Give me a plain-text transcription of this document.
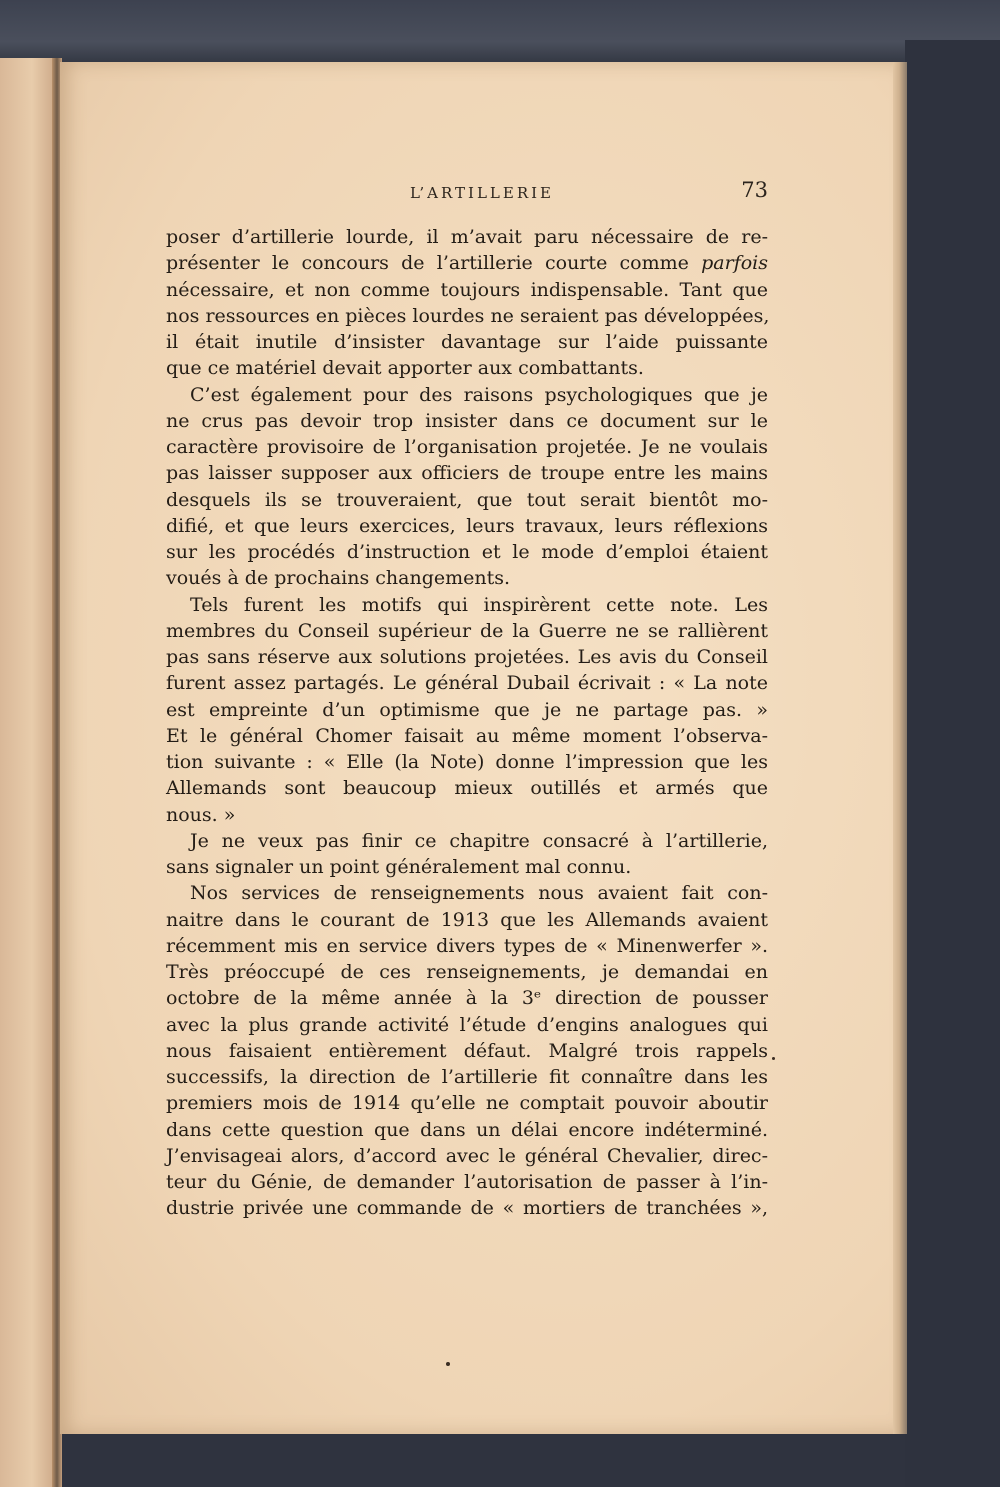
L’ARTILLERIE	73
poser d’artillerie lourde, il m’avait paru nécessaire de re-
présenter le concours de l’artillerie courte comme parfois
nécessaire, et non comme toujours indispensable. Tant que
nos ressources en pièces lourdes ne seraient pas développées,
il était inutile d’insister davantage sur l’aide puissante
que ce matériel devait apporter aux combattants.
C’est également pour des raisons psychologiques que je
ne crus pas devoir trop insister dans ce document sur le
caractère provisoire de l’organisation projetée. Je ne voulais
pas laisser supposer aux officiers de troupe entre les mains
desquels ils se trouveraient, que tout serait bientôt mo-
difié, et que leurs exercices, leurs travaux, leurs réflexions
sur les procédés d’instruction et le mode d’emploi étaient
voués à de prochains changements.
Tels furent les motifs qui inspirèrent cette note. Les
membres du Conseil supérieur de la Guerre ne se rallièrent
pas sans réserve aux solutions projetées. Les avis du Conseil
furent assez partagés. Le général Dubail écrivait : « La note
est empreinte d’un optimisme que je ne partage pas. »
Et le général Chomer faisait au même moment l’observa-
tion suivante : « Elle (la Note) donne l’impression que les
Allemands sont beaucoup mieux outillés et armés que
nous. »
Je ne veux pas finir ce chapitre consacré à l’artillerie,
sans signaler un point généralement mal connu.
Nos services de renseignements nous avaient fait con-
naitre dans le courant de 1913 que les Allemands avaient
récemment mis en service divers types de « Minenwerfer ».
Très préoccupé de ces renseignements, je demandai en
octobre de la même année à la 3ᵉ direction de pousser
avec la plus grande activité l’étude d’engins analogues qui
nous faisaient entièrement défaut. Malgré trois rappels
successifs, la direction de l’artillerie fit connaître dans les
premiers mois de 1914 qu’elle ne comptait pouvoir aboutir
dans cette question que dans un délai encore indéterminé.
J’envisageai alors, d’accord avec le général Chevalier, direc-
teur du Génie, de demander l’autorisation de passer à l’in-
dustrie privée une commande de « mortiers de tranchées »,
